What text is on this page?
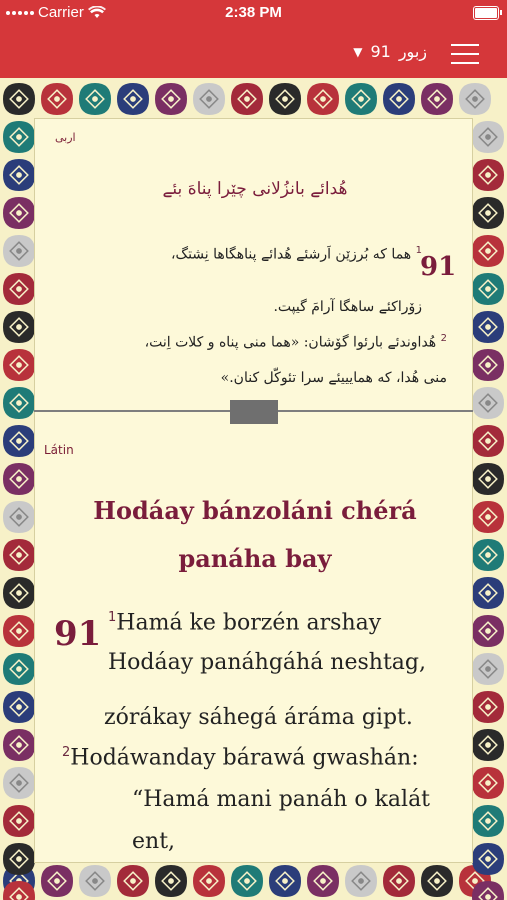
Carrier	2:38 PM
▼ 91 زبور
اربی
هُدائے بانزُلانی چێرا پناهَ بئے
91
$^1$ هما که بُرزێن اَرشئے هُدائے پناهگاها نِشتگ،
زۆراکئے ساهگا آرامَ گیپت.
$^2$ هُداوندئے بارئوا گۆشان: «هما منی پناه و کلات اِنت،
منی هُدا، که همایییئے سرا تئوکّل کنان.»
Látin
Hodáay bánzoláni chérá
panáha bay
91 $^1$Hamá ke borzén arshay
Hodáay panáhgáhá neshtag,
zórákay sáhegá áráma gipt.
$^2$Hodáwanday bárawá gwashán:
“Hamá mani panáh o kalát
ent,
